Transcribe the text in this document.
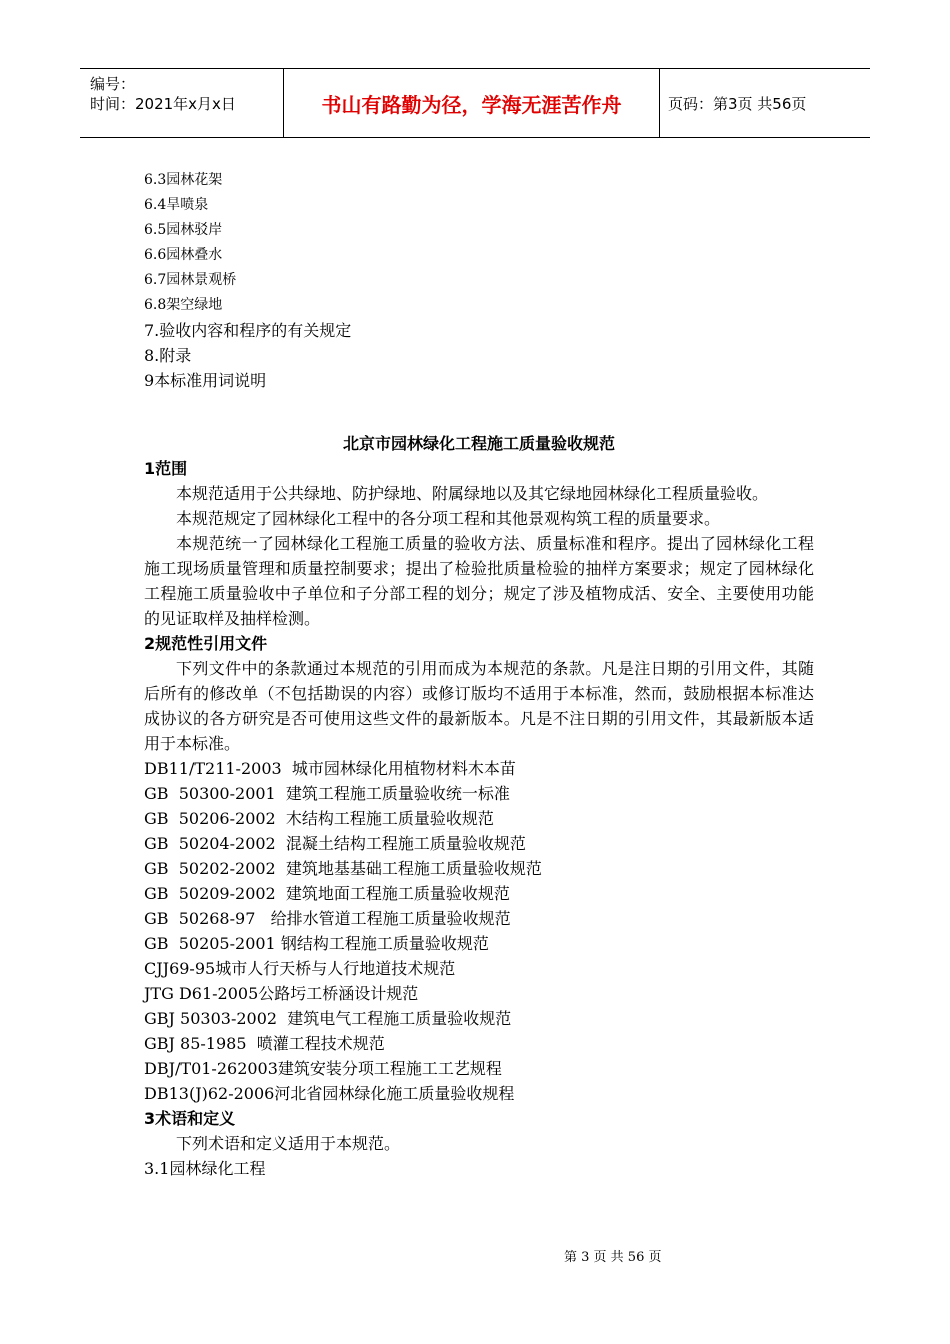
编号：
时间：2021年x月x日	书山有路勤为径，学海无涯苦作舟	页码：第3页 共56页
6.3园林花架
6.4旱喷泉
6.5园林驳岸
6.6园林叠水
6.7园林景观桥
6.8架空绿地
7.验收内容和程序的有关规定
8.附录
9本标准用词说明
北京市园林绿化工程施工质量验收规范
1范围
本规范适用于公共绿地、防护绿地、附属绿地以及其它绿地园林绿化工程质量验收。
本规范规定了园林绿化工程中的各分项工程和其他景观构筑工程的质量要求。
本规范统一了园林绿化工程施工质量的验收方法、质量标准和程序。提出了园林绿化工程施工现场质量管理和质量控制要求；提出了检验批质量检验的抽样方案要求；规定了园林绿化工程施工质量验收中子单位和子分部工程的划分；规定了涉及植物成活、安全、主要使用功能的见证取样及抽样检测。
2规范性引用文件
下列文件中的条款通过本规范的引用而成为本规范的条款。凡是注日期的引用文件，其随后所有的修改单（不包括勘误的内容）或修订版均不适用于本标准，然而，鼓励根据本标准达成协议的各方研究是否可使用这些文件的最新版本。凡是不注日期的引用文件，其最新版本适用于本标准。
DB11/T211-2003  城市园林绿化用植物材料木本苗
GB  50300-2001  建筑工程施工质量验收统一标准
GB  50206-2002  木结构工程施工质量验收规范
GB  50204-2002  混凝土结构工程施工质量验收规范
GB  50202-2002  建筑地基基础工程施工质量验收规范
GB  50209-2002  建筑地面工程施工质量验收规范
GB  50268-97   给排水管道工程施工质量验收规范
GB  50205-2001 钢结构工程施工质量验收规范
CJJ69-95城市人行天桥与人行地道技术规范
JTG D61-2005公路圬工桥涵设计规范
GBJ 50303-2002  建筑电气工程施工质量验收规范
GBJ 85-1985  喷灌工程技术规范
DBJ/T01-262003建筑安装分项工程施工工艺规程
DB13(J)62-2006河北省园林绿化施工质量验收规程
3术语和定义
下列术语和定义适用于本规范。
3.1园林绿化工程
第 3 页 共 56 页
